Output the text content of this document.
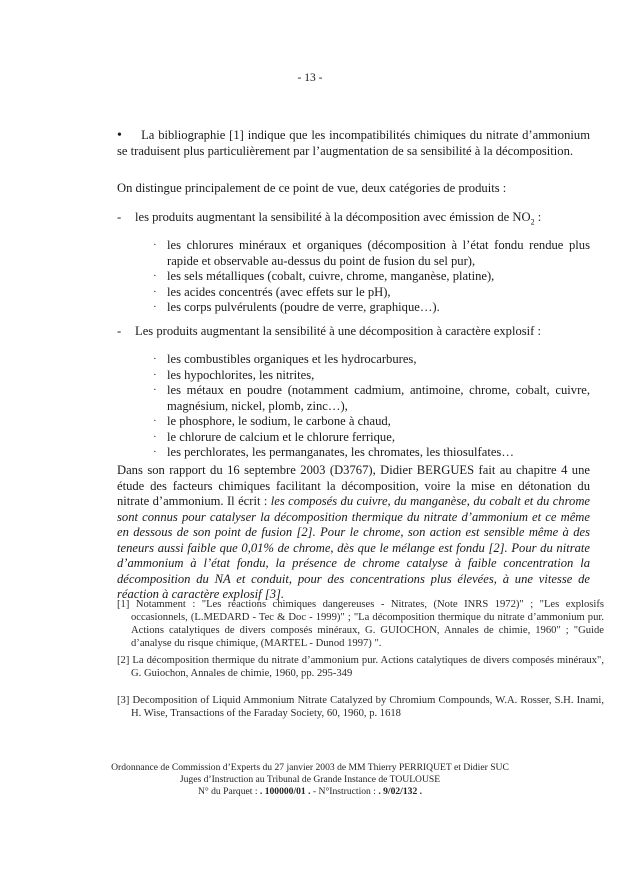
- 13 -

• La bibliographie [1] indique que les incompatibilités chimiques du nitrate d’ammonium se traduisent plus particulièrement par l’augmentation de sa sensibilité à la décomposition.

On distingue principalement de ce point de vue, deux catégories de produits :

- les produits augmentant la sensibilité à la décomposition avec émission de $NO_2$ :

· les chlorures minéraux et organiques (décomposition à l’état fondu rendue plus rapide et observable au-dessus du point de fusion du sel pur),
· les sels métalliques (cobalt, cuivre, chrome, manganèse, platine),
· les acides concentrés (avec effets sur le pH),
· les corps pulvérulents (poudre de verre, graphique…).

- Les produits augmentant la sensibilité à une décomposition à caractère explosif :

· les combustibles organiques et les hydrocarbures,
· les hypochlorites, les nitrites,
· les métaux en poudre (notamment cadmium, antimoine, chrome, cobalt, cuivre, magnésium, nickel, plomb, zinc…),
· le phosphore, le sodium, le carbone à chaud,
· le chlorure de calcium et le chlorure ferrique,
· les perchlorates, les permanganates, les chromates, les thiosulfates…

Dans son rapport du 16 septembre 2003 (D3767), Didier BERGUES fait au chapitre 4 une étude des facteurs chimiques facilitant la décomposition, voire la mise en détonation du nitrate d’ammonium. Il écrit : les composés du cuivre, du manganèse, du cobalt et du chrome sont connus pour catalyser la décomposition thermique du nitrate d’ammonium et ce même en dessous de son point de fusion [2]. Pour le chrome, son action est sensible même à des teneurs aussi faible que 0,01% de chrome, dès que le mélange est fondu [2]. Pour du nitrate d’ammonium à l’état fondu, la présence de chrome catalyse à faible concentration la décomposition du NA et conduit, pour des concentrations plus élevées, à une vitesse de réaction à caractère explosif [3].

[1] Notamment : "Les réactions chimiques dangereuses - Nitrates, (Note INRS 1972)" ; "Les explosifs occasionnels, (L.MEDARD - Tec & Doc - 1999)" ; "La décomposition thermique du nitrate d’ammonium pur. Actions catalytiques de divers composés minéraux, G. GUIOCHON, Annales de chimie, 1960" ; "Guide d’analyse du risque chimique, (MARTEL - Dunod 1997) ".
[2] La décomposition thermique du nitrate d’ammonium pur. Actions catalytiques de divers composés minéraux", G. Guiochon, Annales de chimie, 1960, pp. 295-349
[3] Decomposition of Liquid Ammonium Nitrate Catalyzed by Chromium Compounds, W.A. Rosser, S.H. Inami, H. Wise, Transactions of the Faraday Society, 60, 1960, p. 1618
Ordonnance de Commission d’Experts du 27 janvier 2003 de MM Thierry PERRIQUET et Didier SUC
Juges d’Instruction au Tribunal de Grande Instance de TOULOUSE
N° du Parquet : . 100000/01 . - N°Instruction : . 9/02/132 .
